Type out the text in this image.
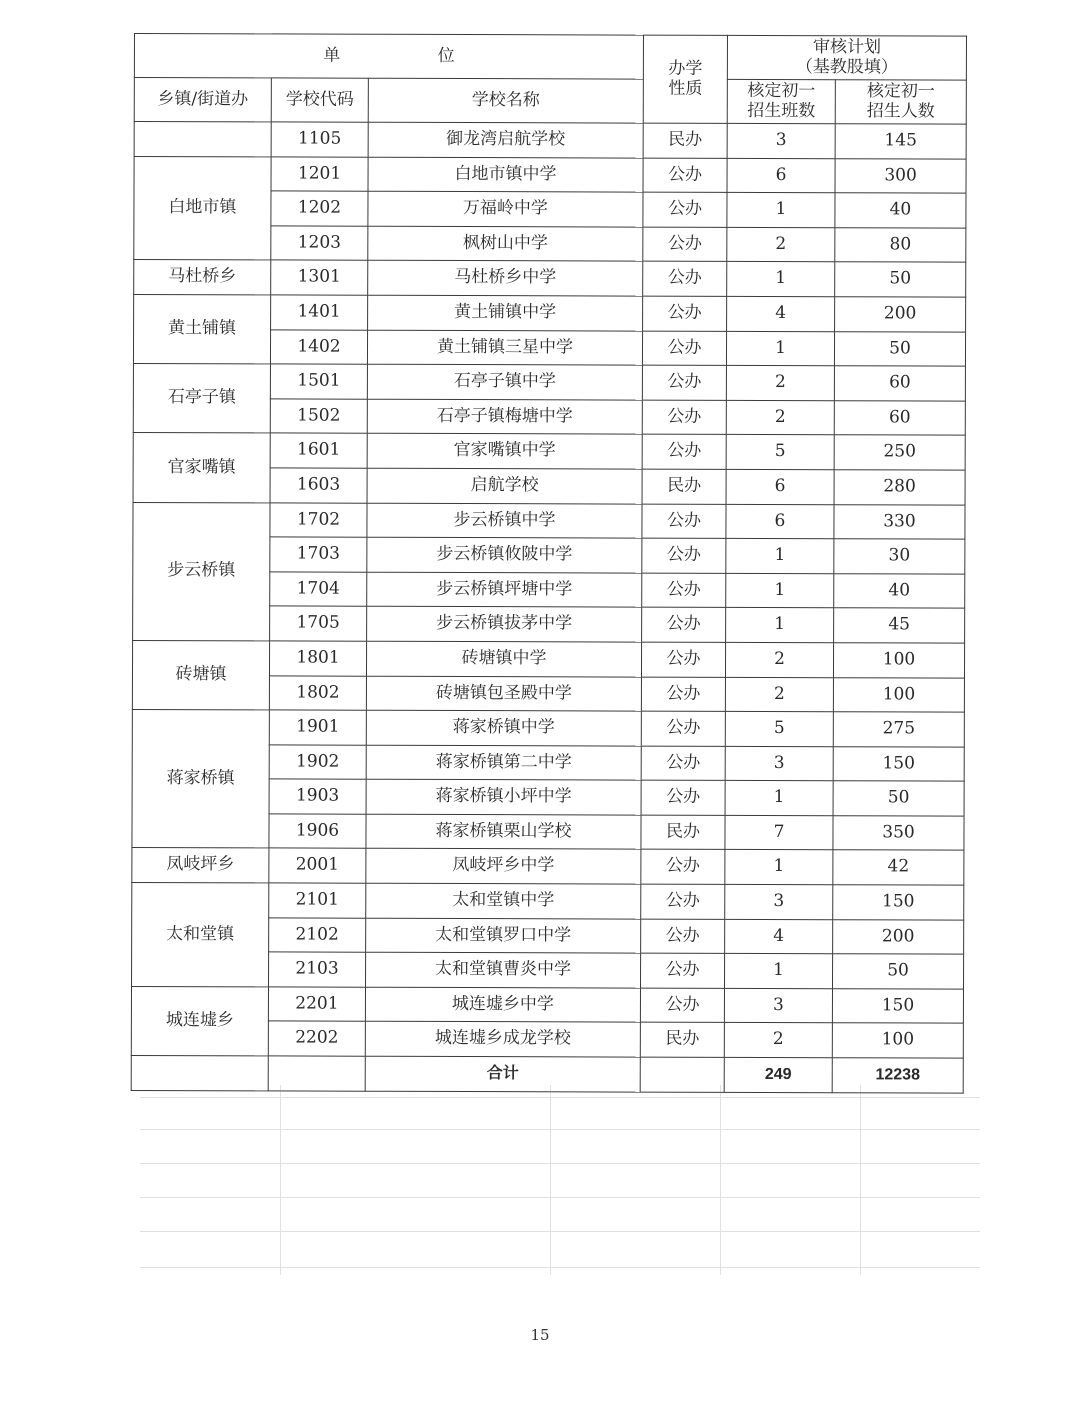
单 位			办学
性质	审核计划
（基教股填）	
乡镇/街道办	学校代码	学校名称		核定初一
招生班数	核定初一
招生人数
	1105	御龙湾启航学校	民办	3	145
白地市镇	1201	白地市镇中学	公办	6	300
	1202	万福岭中学	公办	1	40
	1203	枫树山中学	公办	2	80
马杜桥乡	1301	马杜桥乡中学	公办	1	50
黄土铺镇	1401	黄土铺镇中学	公办	4	200
	1402	黄土铺镇三星中学	公办	1	50
石亭子镇	1501	石亭子镇中学	公办	2	60
	1502	石亭子镇梅塘中学	公办	2	60
官家嘴镇	1601	官家嘴镇中学	公办	5	250
	1603	启航学校	民办	6	280
步云桥镇	1702	步云桥镇中学	公办	6	330
	1703	步云桥镇攸陂中学	公办	1	30
	1704	步云桥镇坪塘中学	公办	1	40
	1705	步云桥镇拔茅中学	公办	1	45
砖塘镇	1801	砖塘镇中学	公办	2	100
	1802	砖塘镇包圣殿中学	公办	2	100
蒋家桥镇	1901	蒋家桥镇中学	公办	5	275
	1902	蒋家桥镇第二中学	公办	3	150
	1903	蒋家桥镇小坪中学	公办	1	50
	1906	蒋家桥镇栗山学校	民办	7	350
凤岐坪乡	2001	凤岐坪乡中学	公办	1	42
太和堂镇	2101	太和堂镇中学	公办	3	150
	2102	太和堂镇罗口中学	公办	4	200
	2103	太和堂镇曹炎中学	公办	1	50
城连墟乡	2201	城连墟乡中学	公办	3	150
	2202	城连墟乡成龙学校	民办	2	100
		合计		249	12238
15
